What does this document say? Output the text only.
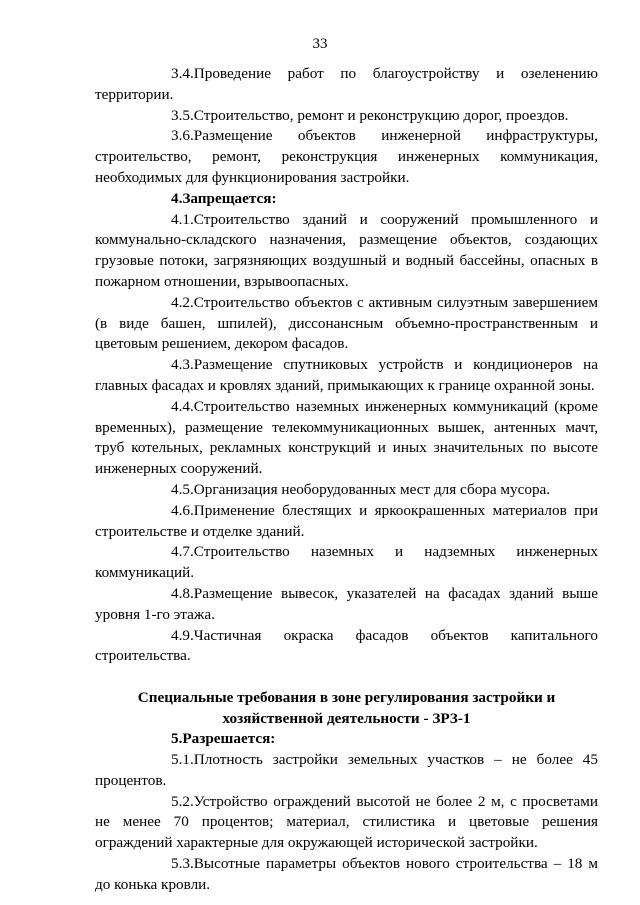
33

3.4.Проведение работ по благоустройству и озеленению территории.

3.5.Строительство, ремонт и реконструкцию дорог, проездов.

3.6.Размещение объектов инженерной инфраструктуры, строительство, ремонт, реконструкция инженерных коммуникация, необходимых для функционирования застройки.

4.Запрещается:

4.1.Строительство зданий и сооружений промышленного и коммунально-складского назначения, размещение объектов, создающих грузовые потоки, загрязняющих воздушный и водный бассейны, опасных в пожарном отношении, взрывоопасных.

4.2.Строительство объектов с активным силуэтным завершением (в виде башен, шпилей), диссонансным объемно-пространственным и цветовым решением, декором фасадов.

4.3.Размещение спутниковых устройств и кондиционеров на главных фасадах и кровлях зданий, примыкающих к границе охранной зоны.

4.4.Строительство наземных инженерных коммуникаций (кроме временных), размещение телекоммуникационных вышек, антенных мачт, труб котельных, рекламных конструкций и иных значительных по высоте инженерных сооружений.

4.5.Организация необорудованных мест для сбора мусора.

4.6.Применение блестящих и яркоокрашенных материалов при строительстве и отделке зданий.

4.7.Строительство наземных и надземных инженерных коммуникаций.

4.8.Размещение вывесок, указателей на фасадах зданий выше уровня 1-го этажа.

4.9.Частичная окраска фасадов объектов капитального строительства.

Специальные требования в зоне регулирования застройки и
хозяйственной деятельности - ЗРЗ-1

5.Разрешается:

5.1.Плотность застройки земельных участков – не более 45 процентов.

5.2.Устройство ограждений высотой не более 2 м, с просветами не менее 70 процентов; материал, стилистика и цветовые решения ограждений характерные для окружающей исторической застройки.

5.3.Высотные параметры объектов нового строительства – 18 м до конька кровли.
